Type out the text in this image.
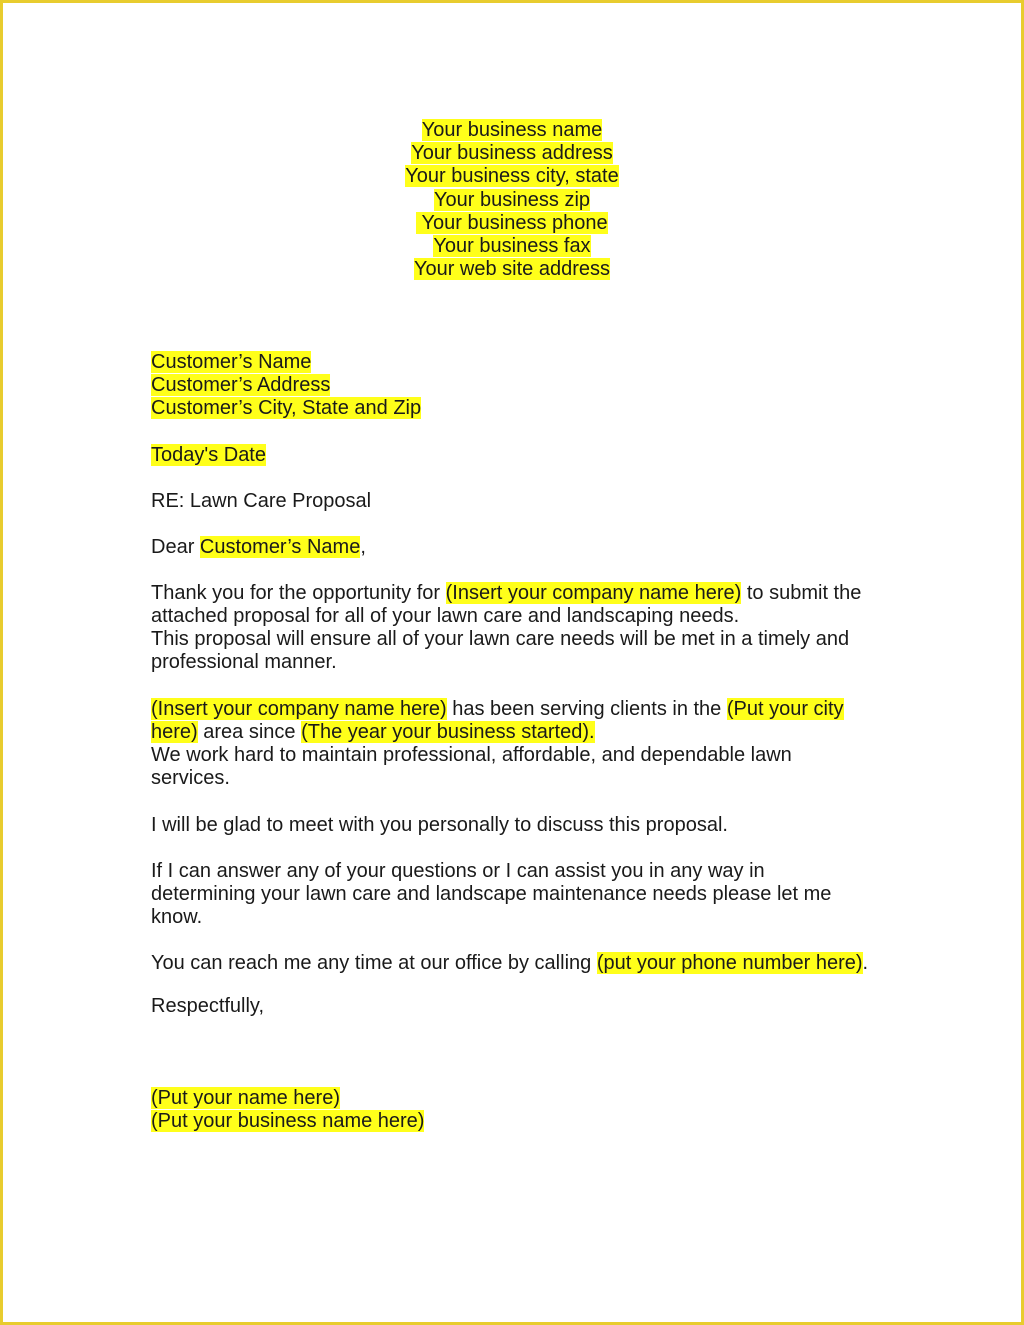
Your business name
Your business address
Your business city, state
Your business zip
Your business phone
Your business fax
Your web site address
Customer’s Name
Customer’s Address
Customer’s City, State and Zip
Today's Date
RE: Lawn Care Proposal
Dear Customer’s Name,
Thank you for the opportunity for (Insert your company name here) to submit the
attached proposal for all of your lawn care and landscaping needs.
This proposal will ensure all of your lawn care needs will be met in a timely and
professional manner.
(Insert your company name here) has been serving clients in the (Put your city
here) area since (The year your business started).
We work hard to maintain professional, affordable, and dependable lawn
services.
I will be glad to meet with you personally to discuss this proposal.
If I can answer any of your questions or I can assist you in any way in
determining your lawn care and landscape maintenance needs please let me
know.
You can reach me any time at our office by calling (put your phone number here).
Respectfully,
(Put your name here)
(Put your business name here)
